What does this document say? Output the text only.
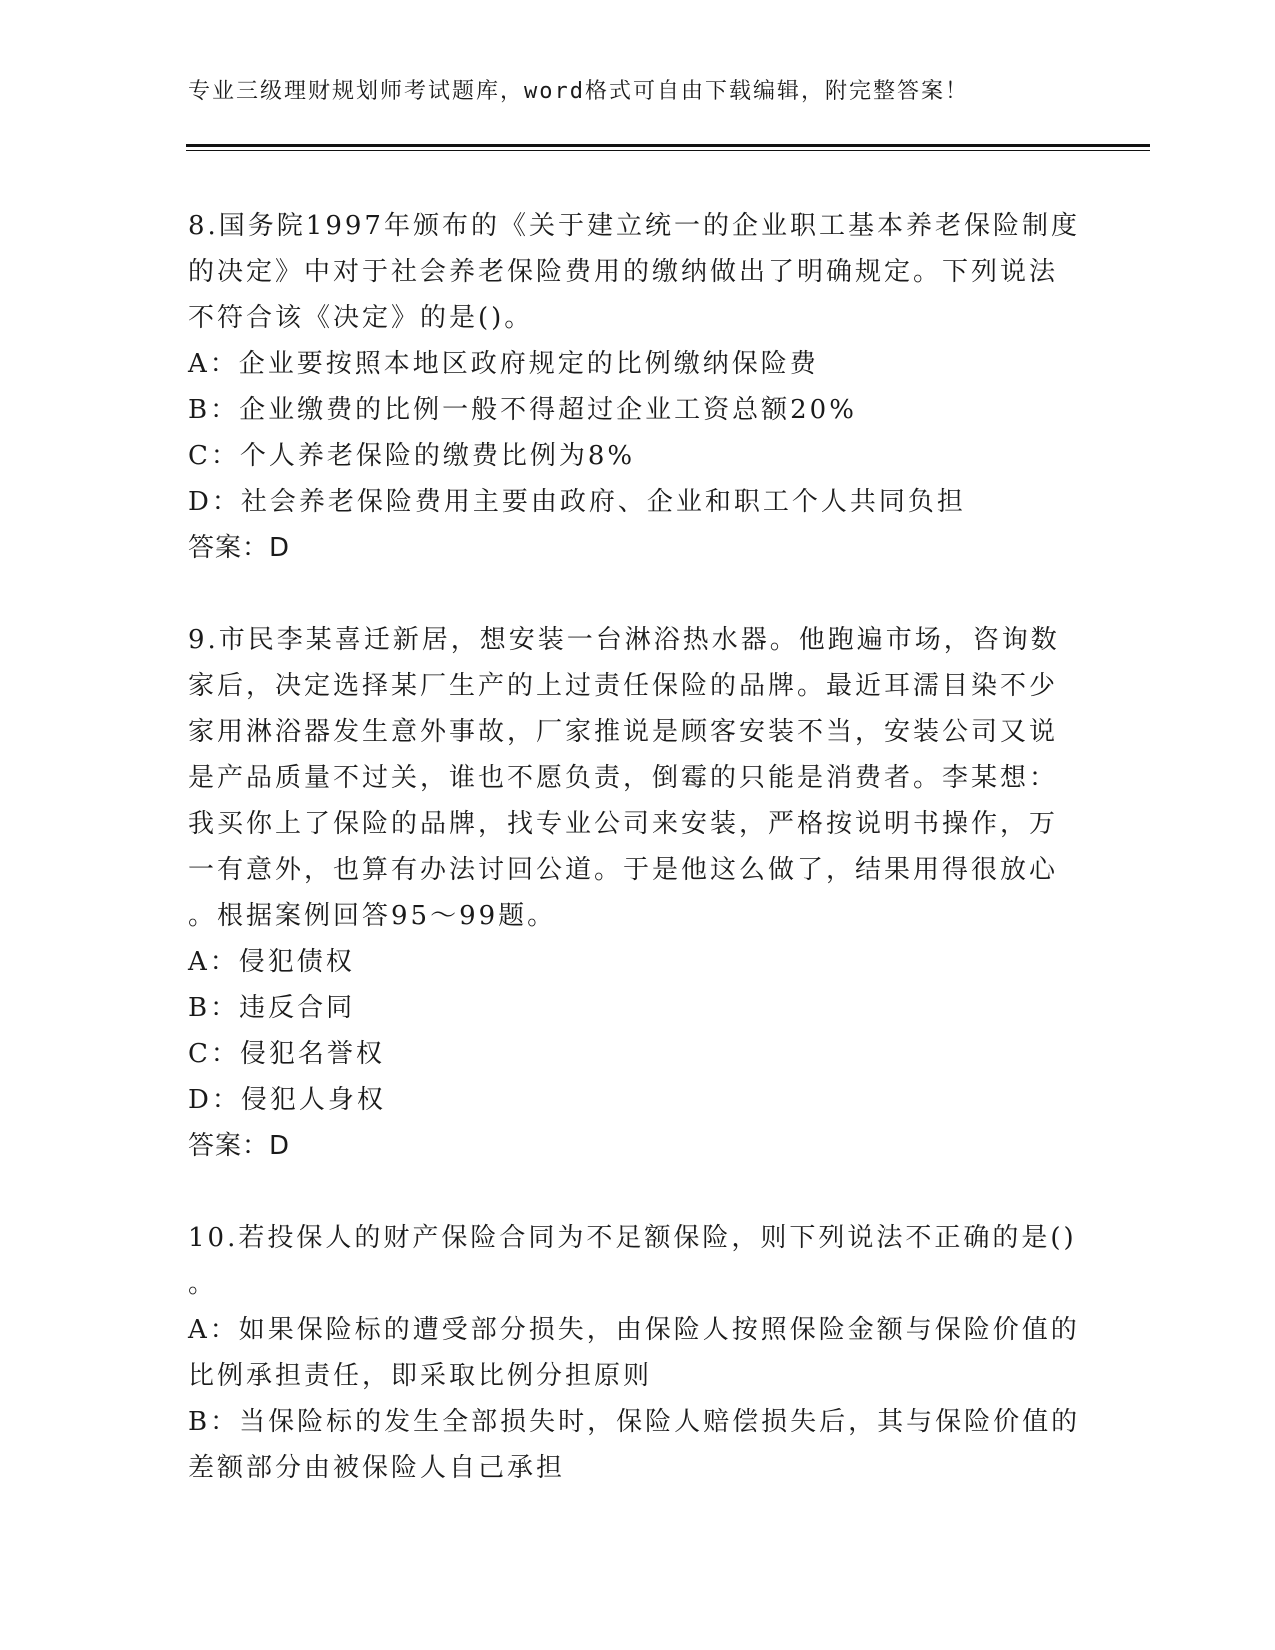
专业三级理财规划师考试题库，word格式可自由下载编辑，附完整答案！
8.国务院1997年颁布的《关于建立统一的企业职工基本养老保险制度
的决定》中对于社会养老保险费用的缴纳做出了明确规定。下列说法
不符合该《决定》的是()。
A：企业要按照本地区政府规定的比例缴纳保险费
B：企业缴费的比例一般不得超过企业工资总额20%
C：个人养老保险的缴费比例为8%
D：社会养老保险费用主要由政府、企业和职工个人共同负担
答案：D
9.市民李某喜迁新居，想安装一台淋浴热水器。他跑遍市场，咨询数
家后，决定选择某厂生产的上过责任保险的品牌。最近耳濡目染不少
家用淋浴器发生意外事故，厂家推说是顾客安装不当，安装公司又说
是产品质量不过关，谁也不愿负责，倒霉的只能是消费者。李某想：
我买你上了保险的品牌，找专业公司来安装，严格按说明书操作，万
一有意外，也算有办法讨回公道。于是他这么做了，结果用得很放心
。根据案例回答95～99题。
A：侵犯债权
B：违反合同
C：侵犯名誉权
D：侵犯人身权
答案：D
10.若投保人的财产保险合同为不足额保险，则下列说法不正确的是()
。
A：如果保险标的遭受部分损失，由保险人按照保险金额与保险价值的
比例承担责任，即采取比例分担原则
B：当保险标的发生全部损失时，保险人赔偿损失后，其与保险价值的
差额部分由被保险人自己承担
